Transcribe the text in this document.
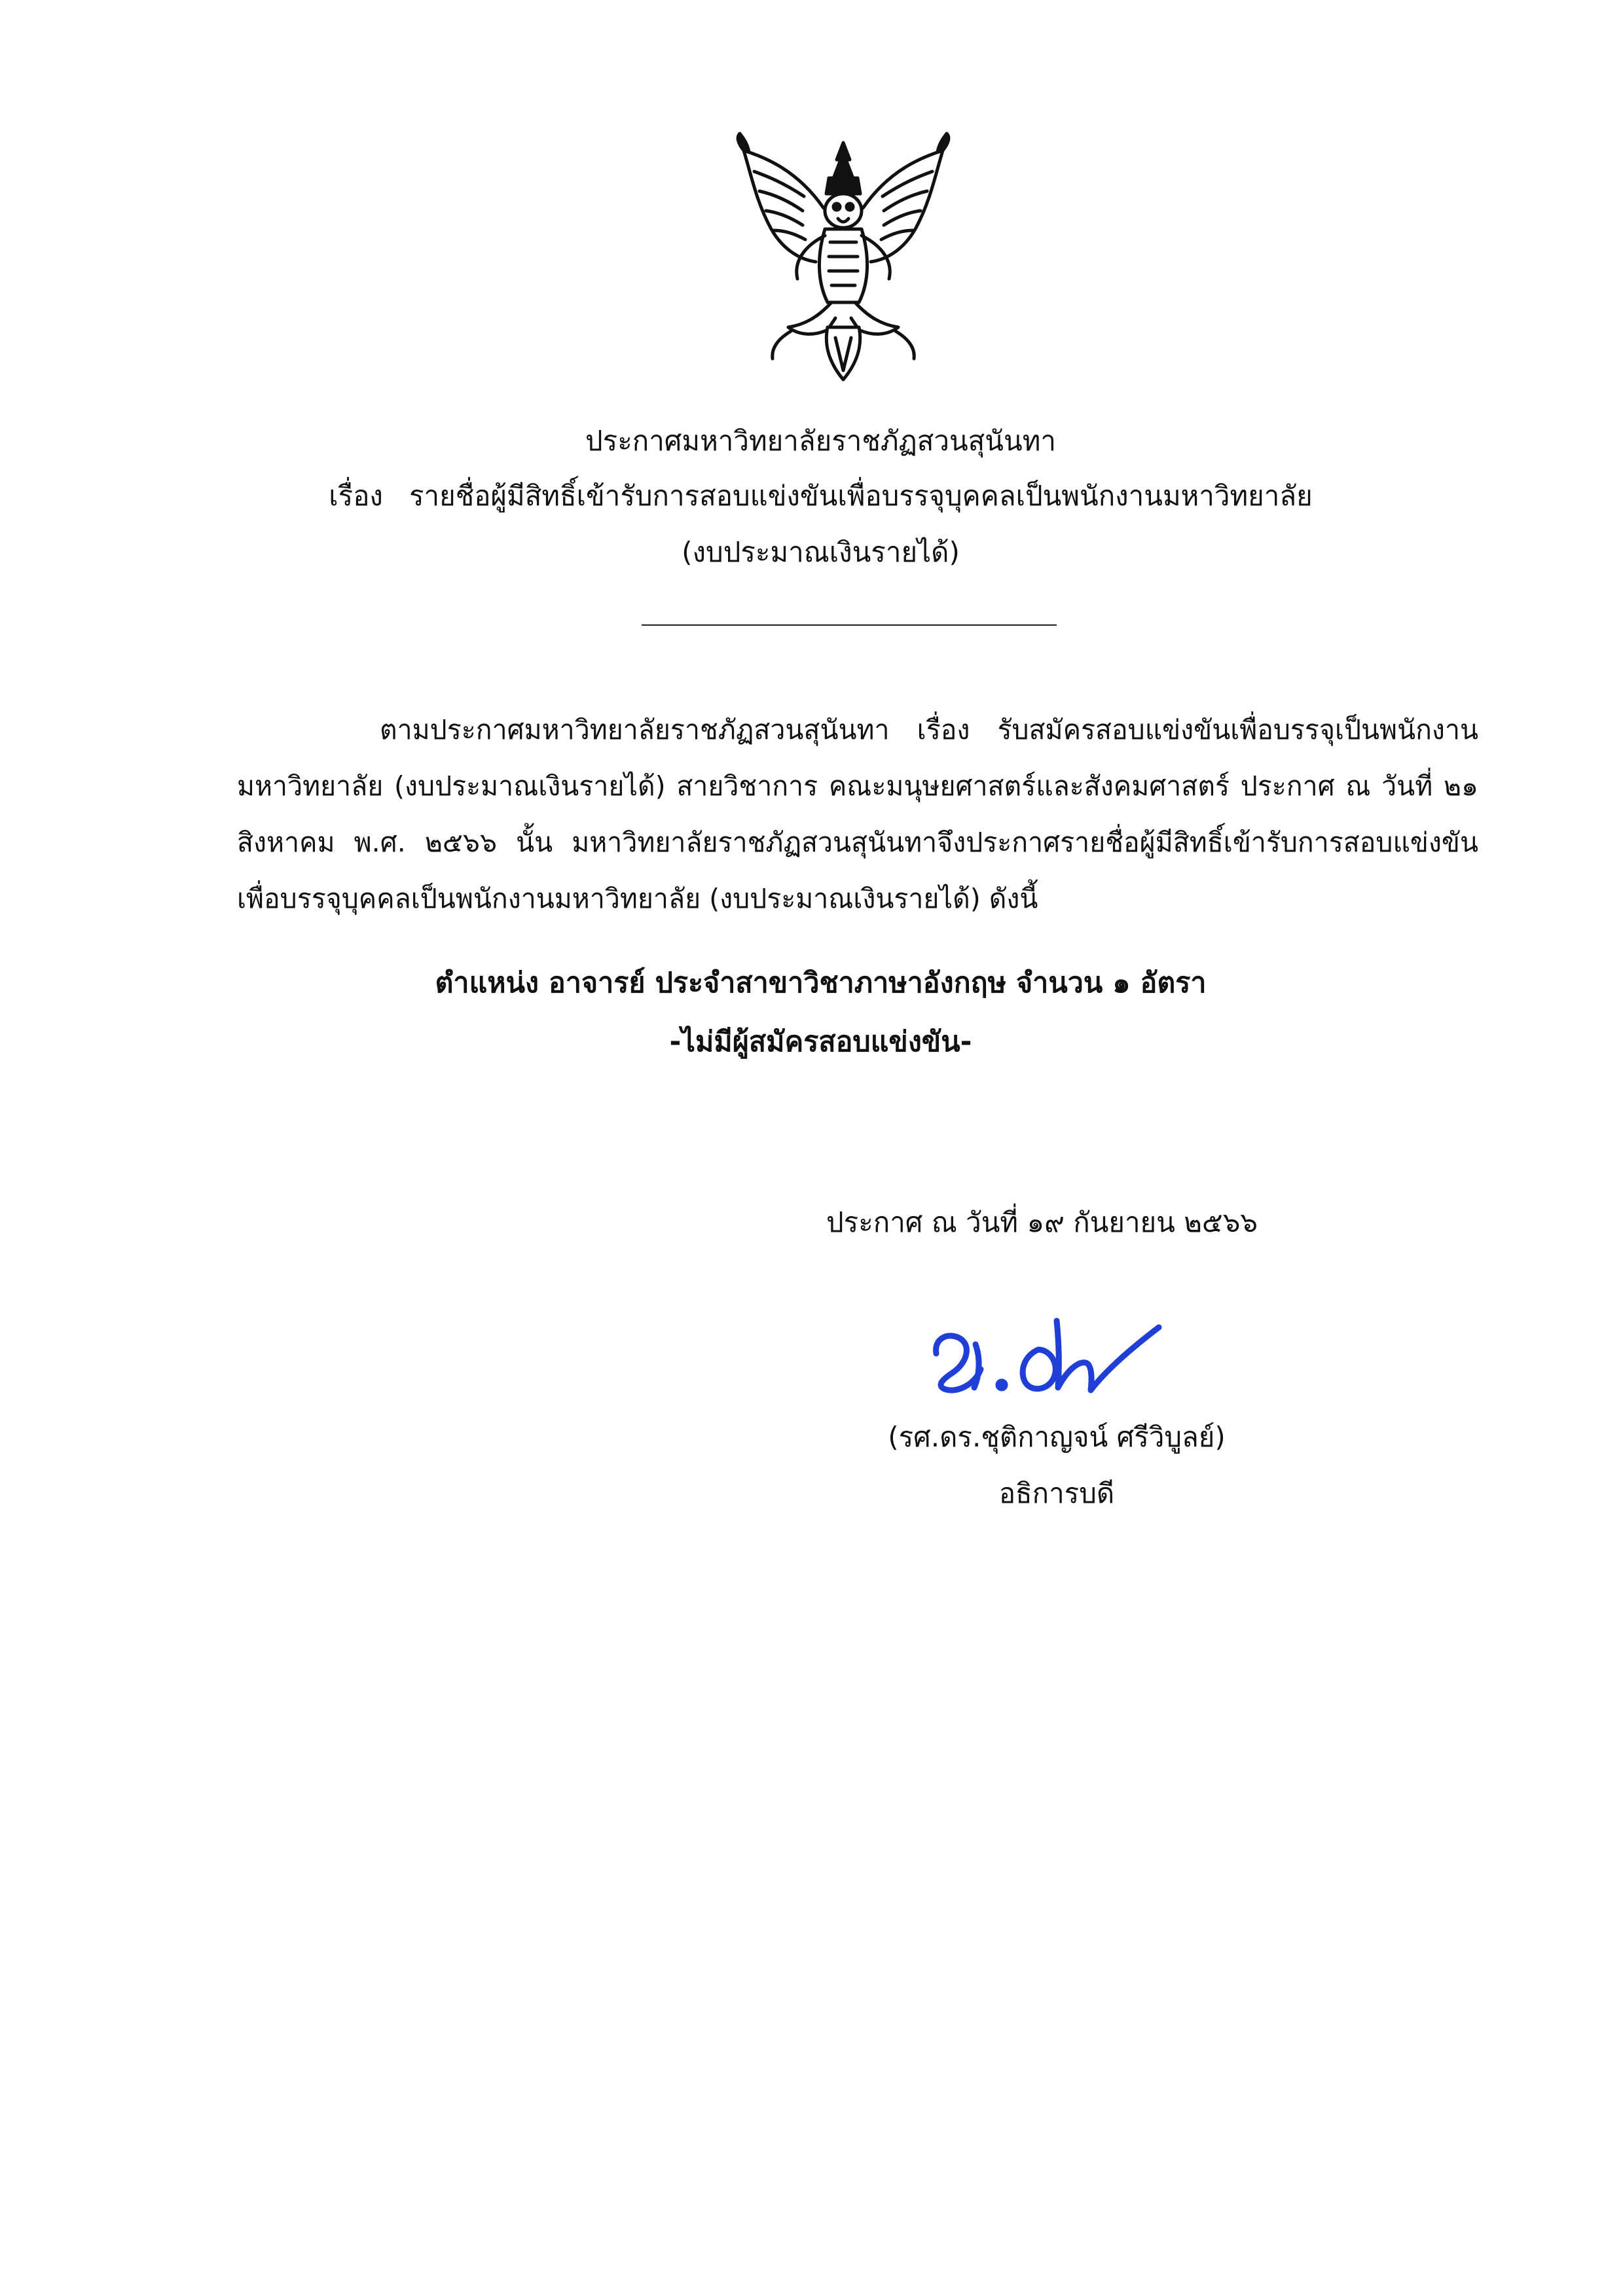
ประกาศมหาวิทยาลัยราชภัฏสวนสุนันทา
เรื่อง รายชื่อผู้มีสิทธิ์เข้ารับการสอบแข่งขันเพื่อบรรจุบุคคลเป็นพนักงานมหาวิทยาลัย
(งบประมาณเงินรายได้)
ตามประกาศมหาวิทยาลัยราชภัฏสวนสุนันทา เรื่อง รับสมัครสอบแข่งขันเพื่อบรรจุเป็นพนักงาน
มหาวิทยาลัย (งบประมาณเงินรายได้) สายวิชาการ คณะมนุษยศาสตร์และสังคมศาสตร์ ประกาศ ณ วันที่ ๒๑
สิงหาคม พ.ศ. ๒๕๖๖ นั้น มหาวิทยาลัยราชภัฏสวนสุนันทาจึงประกาศรายชื่อผู้มีสิทธิ์เข้ารับการสอบแข่งขัน
เพื่อบรรจุบุคคลเป็นพนักงานมหาวิทยาลัย (งบประมาณเงินรายได้) ดังนี้
ตำแหน่ง อาจารย์ ประจำสาขาวิชาภาษาอังกฤษ จำนวน ๑ อัตรา
-ไม่มีผู้สมัครสอบแข่งขัน-
ประกาศ ณ วันที่ ๑๙ กันยายน ๒๕๖๖
(รศ.ดร.ชุติกาญจน์ ศรีวิบูลย์)
อธิการบดี
